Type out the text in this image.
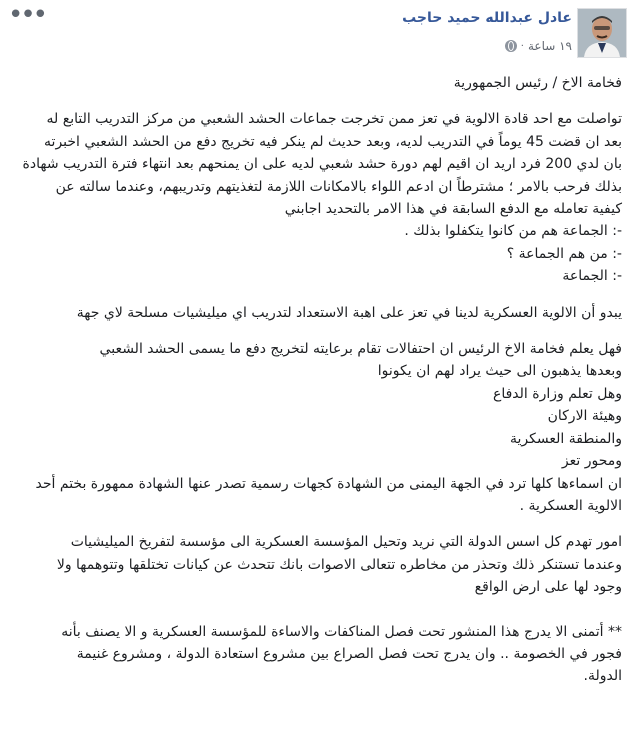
•••	عادل عبدالله حميد حاجب
١٩ ساعة
·

فخامة الاخ / رئيس الجمهورية

تواصلت مع احد قادة الالوية في تعز ممن تخرجت جماعات الحشد الشعبي من مركز التدريب التابع له

بعد ان قضت 45 يوماً في التدريب لديه، وبعد حديث لم ينكر فيه تخريج دفع من الحشد الشعبي اخبرته

بان لدي 200 فرد اريد ان اقيم لهم دورة حشد شعبي لديه على ان يمنحهم بعد انتهاء فترة التدريب شهادة

بذلك فرحب بالامر ؛ مشترطاً ان ادعم اللواء بالامكانات اللازمة لتغذيتهم وتدريبهم، وعندما سالته عن

كيفية تعامله مع الدفع السابقة في هذا الامر بالتحديد اجابني

-: الجماعة هم من كانوا يتكفلوا بذلك .

-: من هم الجماعة ؟

-: الجماعة

يبدو أن الالوية العسكرية لدينا في تعز على اهبة الاستعداد لتدريب اي ميليشيات مسلحة لاي جهة

فهل يعلم فخامة الاخ الرئيس ان احتفالات تقام برعايته لتخريج دفع ما يسمى الحشد الشعبي

وبعدها يذهبون الى حيث يراد لهم ان يكونوا

وهل تعلم وزارة الدفاع

وهيئة الاركان

والمنطقة العسكرية

ومحور تعز

ان اسماءها كلها ترد في الجهة اليمنى من الشهادة كجهات رسمية تصدر عنها الشهادة ممهورة بختم أحد

الالوية العسكرية .

امور تهدم كل اسس الدولة التي نريد وتحيل المؤسسة العسكرية الى مؤسسة لتفريخ الميليشيات

وعندما تستنكر ذلك وتحذر من مخاطره تتعالى الاصوات بانك تتحدث عن كيانات تختلقها وتتوهمها ولا

وجود لها على ارض الواقع

** أتمنى الا يدرج هذا المنشور تحت فصل المناكفات والاساءة للمؤسسة العسكرية و الا يصنف بأنه

فجور في الخصومة .. وان يدرج تحت فصل الصراع بين مشروع استعادة الدولة ، ومشروع غنيمة

الدولة.
